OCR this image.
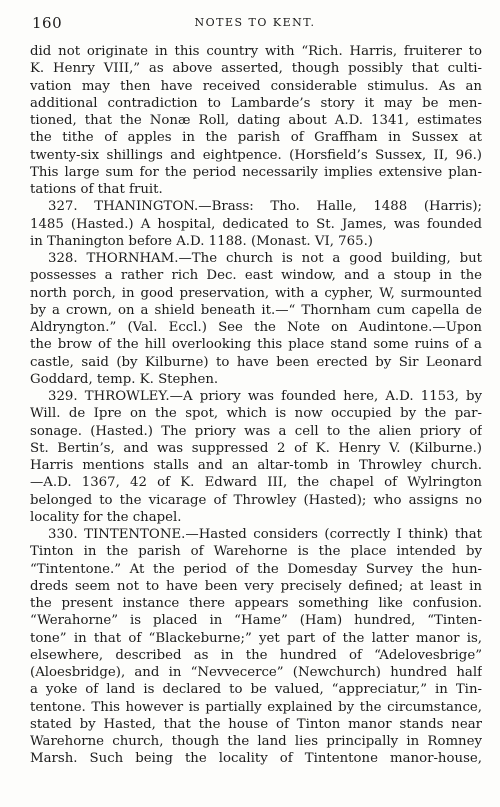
160	NOTES TO KENT.
did not originate in this country with “Rich. Harris, fruiterer to
K. Henry VIII,” as above asserted, though possibly that culti-
vation may then have received considerable stimulus. As an
additional contradiction to Lambarde’s story it may be men-
tioned, that the Nonæ Roll, dating about A.D. 1341, estimates
the tithe of apples in the parish of Graffham in Sussex at
twenty-six shillings and eightpence. (Horsfield’s Sussex, II, 96.)
This large sum for the period necessarily implies extensive plan-
tations of that fruit.
327. THANINGTON.—Brass: Tho. Halle, 1488 (Harris);
1485 (Hasted.) A hospital, dedicated to St. James, was founded
in Thanington before A.D. 1188. (Monast. VI, 765.)
328. THORNHAM.—The church is not a good building, but
possesses a rather rich Dec. east window, and a stoup in the
north porch, in good preservation, with a cypher, W, surmounted
by a crown, on a shield beneath it.—“ Thornham cum capella de
Aldryngton.” (Val. Eccl.) See the Note on Audintone.—Upon
the brow of the hill overlooking this place stand some ruins of a
castle, said (by Kilburne) to have been erected by Sir Leonard
Goddard, temp. K. Stephen.
329. THROWLEY.—A priory was founded here, A.D. 1153, by
Will. de Ipre on the spot, which is now occupied by the par-
sonage. (Hasted.) The priory was a cell to the alien priory of
St. Bertin’s, and was suppressed 2 of K. Henry V. (Kilburne.)
Harris mentions stalls and an altar-tomb in Throwley church.
—A.D. 1367, 42 of K. Edward III, the chapel of Wylrington
belonged to the vicarage of Throwley (Hasted); who assigns no
locality for the chapel.
330. TINTENTONE.—Hasted considers (correctly I think) that
Tinton in the parish of Warehorne is the place intended by
“Tintentone.” At the period of the Domesday Survey the hun-
dreds seem not to have been very precisely defined; at least in
the present instance there appears something like confusion.
“Werahorne” is placed in “Hame” (Ham) hundred, “Tinten-
tone” in that of “Blackeburne;” yet part of the latter manor is,
elsewhere, described as in the hundred of “Adelovesbrige”
(Aloesbridge), and in “Nevvecerce” (Newchurch) hundred half
a yoke of land is declared to be valued, “appreciatur,” in Tin-
tentone. This however is partially explained by the circumstance,
stated by Hasted, that the house of Tinton manor stands near
Warehorne church, though the land lies principally in Romney
Marsh. Such being the locality of Tintentone manor-house,
